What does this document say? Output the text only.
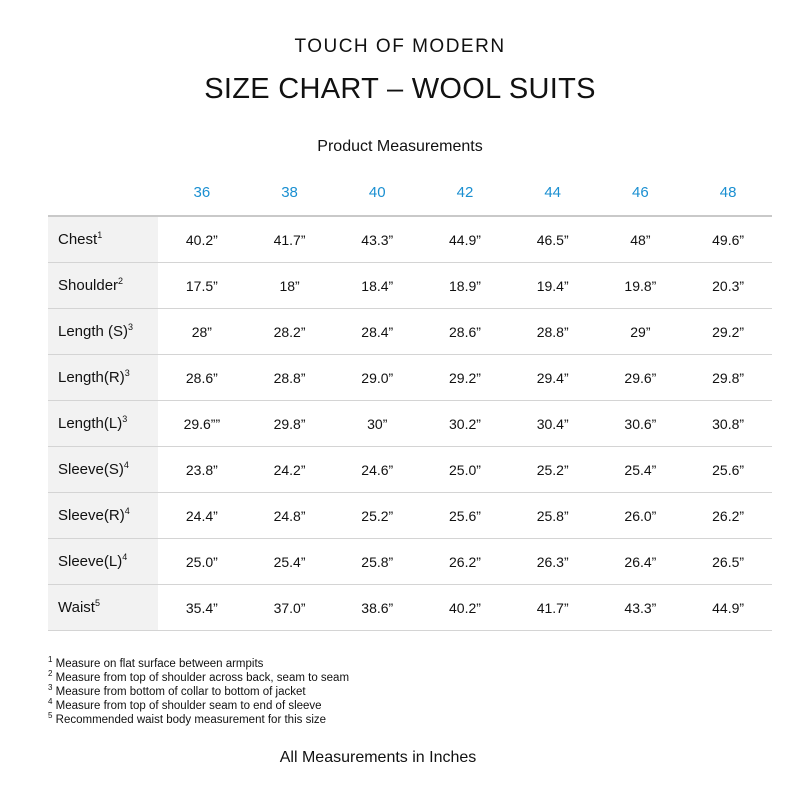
TOUCH OF MODERN
SIZE CHART – WOOL SUITS
Product Measurements
	36	38	40	42	44	46	48
Chest$^1$	40.2”	41.7”	43.3”	44.9”	46.5”	48”	49.6”
Shoulder$^2$	17.5”	18”	18.4”	18.9”	19.4”	19.8”	20.3”
Length $(S)^3$	28”	28.2”	28.4”	28.6”	28.8”	29”	29.2”
$Length(R)^3$	28.6”	28.8”	29.0”	29.2”	29.4”	29.6”	29.8”
$Length(L)^3$	29.6””	29.8”	30”	30.2”	30.4”	30.6”	30.8”
$Sleeve(S)^4$	23.8”	24.2”	24.6”	25.0”	25.2”	25.4”	25.6”
$Sleeve(R)^4$	24.4”	24.8”	25.2”	25.6”	25.8”	26.0”	26.2”
$Sleeve(L)^4$	25.0”	25.4”	25.8”	26.2”	26.3”	26.4”	26.5”
Waist$^5$	35.4”	37.0”	38.6”	40.2”	41.7”	43.3”	44.9”
$^1$ Measure on flat surface between armpits
$^2$ Measure from top of shoulder across back, seam to seam
$^3$ Measure from bottom of collar to bottom of jacket
$^4$ Measure from top of shoulder seam to end of sleeve
$^5$ Recommended waist body measurement for this size
All Measurements in Inches
